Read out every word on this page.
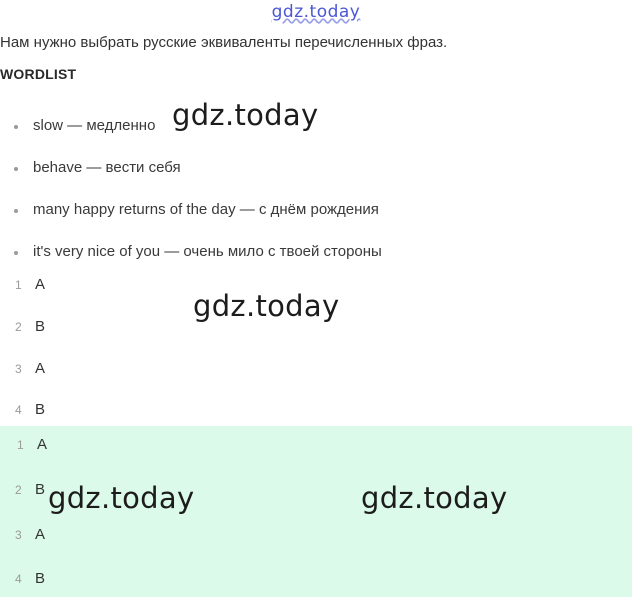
gdz.today
Нам нужно выбрать русские эквиваленты перечисленных фраз.
WORDLIST
slow — медленно
behave — вести себя
many happy returns of the day — с днём рождения
it's very nice of you — очень мило с твоей стороны
1 A
2 B
3 A
4 B
1 A
2 B
3 A
4 B
gdz.today
gdz.today
gdz.today	gdz.today
